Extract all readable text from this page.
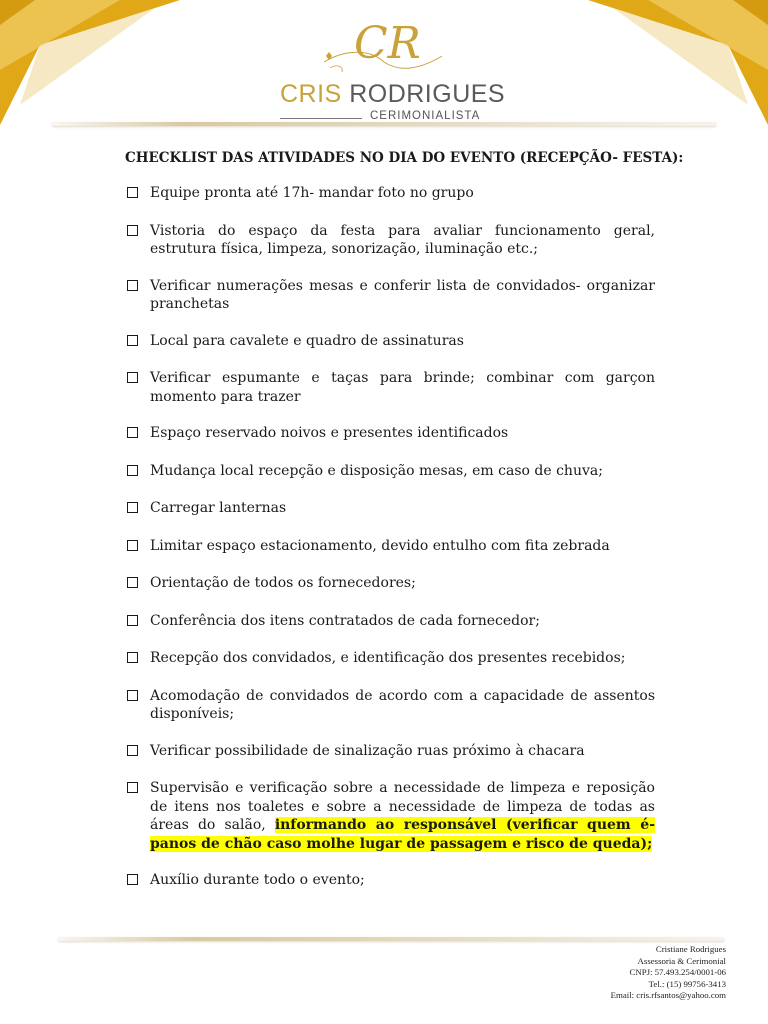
CR
CRIS RODRIGUES
CERIMONIALISTA

CHECKLIST DAS ATIVIDADES NO DIA DO EVENTO (RECEPÇÃO- FESTA):

Equipe pronta até 17h- mandar foto no grupo
Vistoria do espaço da festa para avaliar funcionamento geral, estrutura física, limpeza, sonorização, iluminação etc.;
Verificar numerações mesas e conferir lista de convidados- organizar pranchetas
Local para cavalete e quadro de assinaturas
Verificar espumante e taças para brinde; combinar com garçon momento para trazer
Espaço reservado noivos e presentes identificados
Mudança local recepção e disposição mesas, em caso de chuva;
Carregar lanternas
Limitar espaço estacionamento, devido entulho com fita zebrada
Orientação de todos os fornecedores;
Conferência dos itens contratados de cada fornecedor;
Recepção dos convidados, e identificação dos presentes recebidos;
Acomodação de convidados de acordo com a capacidade de assentos disponíveis;
Verificar possibilidade de sinalização ruas próximo à chacara
Supervisão e verificação sobre a necessidade de limpeza e reposição de itens nos toaletes e sobre a necessidade de limpeza de todas as áreas do salão, informando ao responsável (verificar quem é- panos de chão caso molhe lugar de passagem e risco de queda);
Auxílio durante todo o evento;
Cristiane Rodrigues
Assessoria & Cerimonial
CNPJ: 57.493.254/0001-06
Tel.: (15) 99756-3413
Email: cris.rfsantos@yahoo.com
